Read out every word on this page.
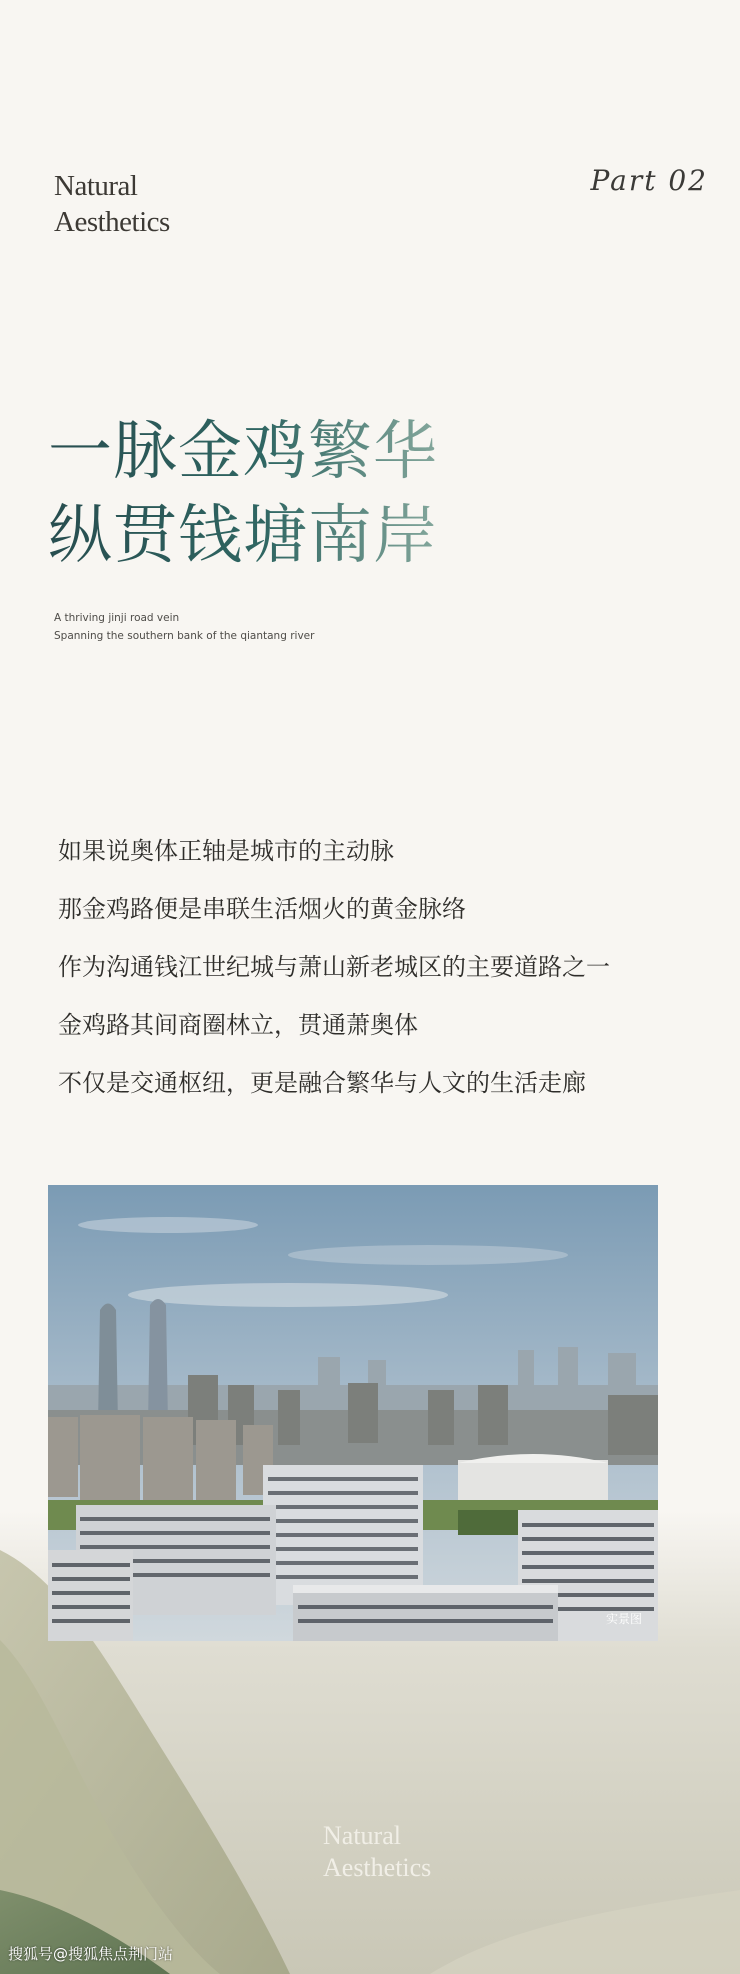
Natural
Aesthetics
Part 02
一脉金鸡繁华
纵贯钱塘南岸
A thriving jinji road vein
Spanning the southern bank of the qiantang river
如果说奥体正轴是城市的主动脉
那金鸡路便是串联生活烟火的黄金脉络
作为沟通钱江世纪城与萧山新老城区的主要道路之一
金鸡路其间商圈林立，贯通萧奥体
不仅是交通枢纽，更是融合繁华与人文的生活走廊
实景图
Natural
Aesthetics
搜狐号@搜狐焦点荆门站
